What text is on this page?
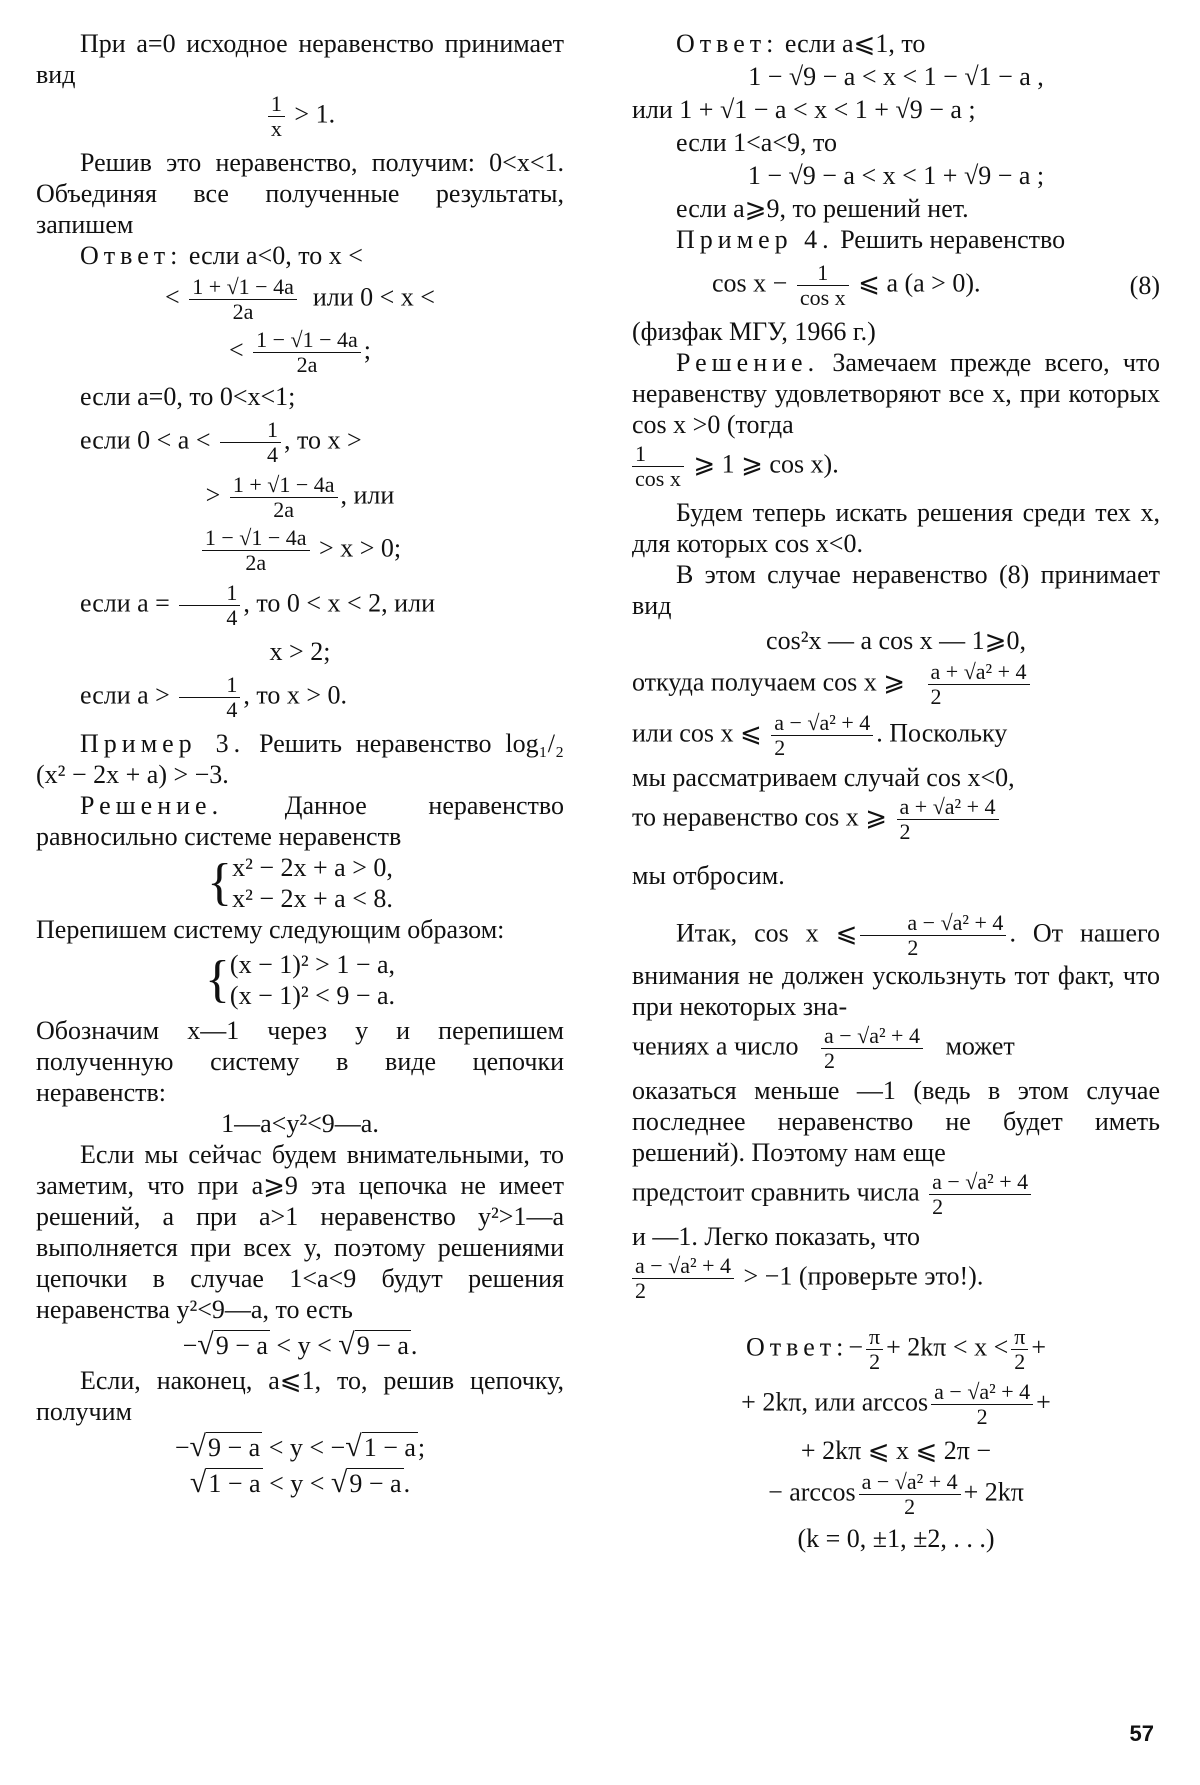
При a=0 исходное неравенство принимает вид

$\frac{1}{x} > 1$.

Решив это неравенство, получим: 0<x<1. Объединяя все полученные результаты, запишем

Ответ: если a<0, то x <

< $\frac{1 + √1 - 4a}{2a}$ или 0 < x <

< $\frac{1 - √1 - 4a}{2a}$ ;

если a=0, то 0<x<1;

если $0 < a < \frac{1}{4}$ , то x >

> $\frac{1 + √1 - 4a}{2a}$ , или

$\frac{1 - √1 - 4a}{2a} > x > 0$;

если $a = \frac{1}{4}$ , то 0 < x < 2, или

x > 2;

если $a > \frac{1}{4}$ , то x > 0.

Пример 3. Решить неравенство log₁/₂ (x² − 2x + a) > −3.

Решение. Данное неравенство равносильно системе неравенств

{ x² − 2x + a > 0,
x² − 2x + a < 8.

Перепишем систему следующим образом:

{ (x − 1)² > 1 − a,
(x − 1)² < 9 − a.

Обозначим x—1 через y и перепишем полученную систему в виде цепочки неравенств:

1—a<y²<9—a.

Если мы сейчас будем внимательными, то заметим, что при a⩾9 эта цепочка не имеет решений, а при a>1 неравенство y²>1—a выполняется при всех y, поэтому решениями цепочки в случае 1<a<9 будут решения неравенства y²<9—a, то есть

−√9 − a < y < √9 − a.

Если, наконец, a⩽1, то, решив цепочку, получим

−√9 − a < y < −√1 − a;

√1 − a < y < √9 − a.

Ответ: если a⩽1, то

1 − √9 − a < x < 1 − √1 − a ,

или 1 + √1 − a < x < 1 + √9 − a ;

если 1<a<9, то

1 − √9 − a < x < 1 + √9 − a ;

если a⩾9, то решений нет.

Пример 4. Решить неравенство

$\cos x - \frac{1}{\text{cos x}}$ ⩽ a (a > 0).	(8)

(физфак МГУ, 1966 г.)

Решение. Замечаем прежде всего, что неравенству удовлетворяют все x, при которых cos x >0 (тогда

$\frac{1}{\text{cos x}}$ ⩾ 1 ⩾ cos x).

Будем теперь искать решения среди тех x, для которых cos x<0.

В этом случае неравенство (8) принимает вид

cos²x — a cos x — 1⩾0,

откуда получаем cos x ⩾ $\frac{\text{a + √a² + 4}}{2}$

или cos x ⩽ $\frac{\text{a − √a² + 4}}{2}$ . Поскольку

мы рассматриваем случай cos x<0,

то неравенство cos x ⩾ $\frac{\text{a + √a² + 4}}{2}$

мы отбросим.

Итак, cos x ⩽ $\frac{\text{a − √a² + 4}}{2}$ . От нашего внимания не должен ускользнуть тот факт, что при некоторых зна-

чениях a число $\frac{\text{a − √a² + 4}}{2}$ может

оказаться меньше —1 (ведь в этом случае последнее неравенство не будет иметь решений). Поэтому нам еще

предстоит сравнить числа $\frac{\text{a − √a² + 4}}{2}$

и —1. Легко показать, что

$\frac{\text{a − √a² + 4}}{2} > -1$ (проверьте это!).

Ответ:− $\frac{\pi}{2} + 2k\pi < x < \frac{\pi}{2}$ +

+ 2kπ, или $\arccos \frac{\text{a − √a² + 4}}{2}$ +

+ 2kπ ⩽ x ⩽ 2π −

− $\arccos \frac{\text{a − √a² + 4}}{2} + 2k\pi$

(k = 0, ±1, ±2, . . .)

57
